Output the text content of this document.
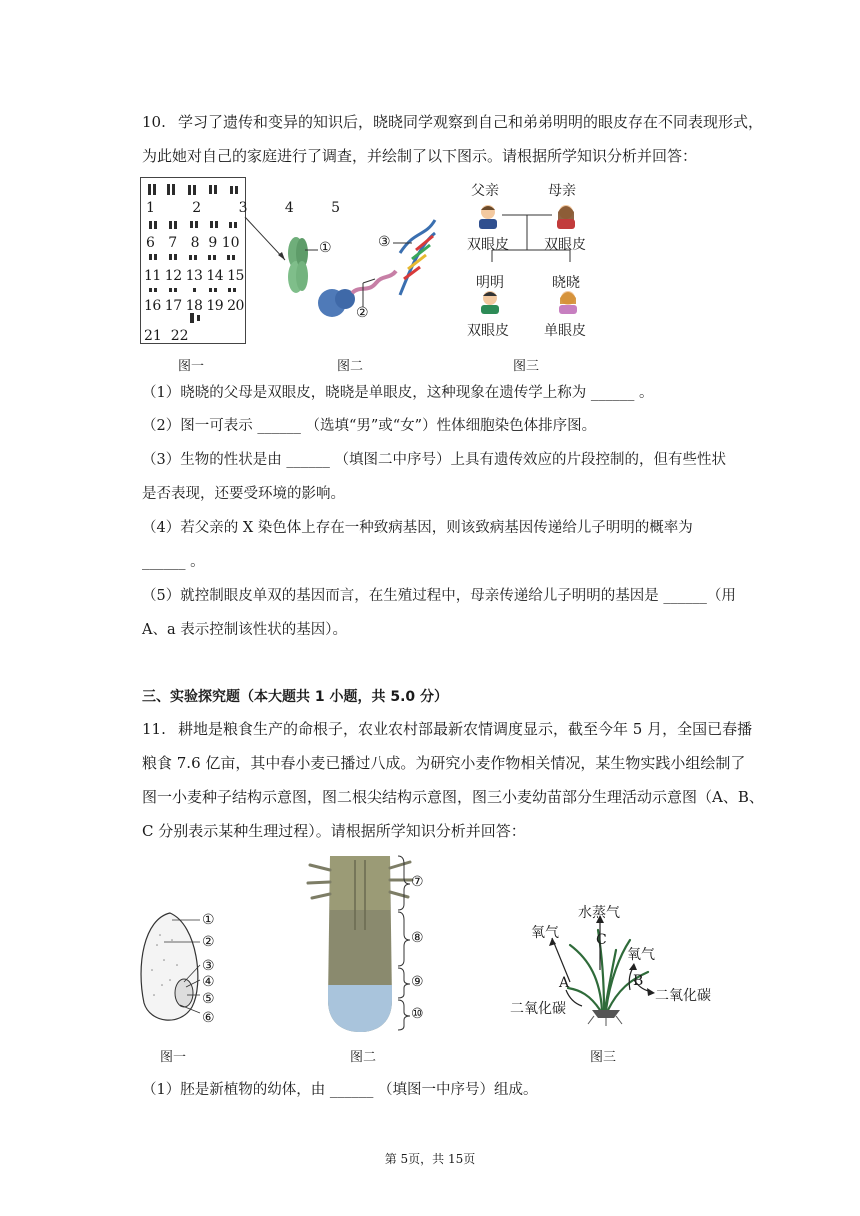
10. 学习了遗传和变异的知识后，晓晓同学观察到自己和弟弟明明的眼皮存在不同表现形式，
为此她对自己的家庭进行了调查，并绘制了以下图示。请根据所学知识分析并回答：
1	2	3	4	5
6 7 8 9 10
11 12 13 14 15
16 17 18 19 20
21 22
图一
①
②
③
图二
父亲	母亲
双眼皮	双眼皮
明明	晓晓
双眼皮	单眼皮
图三
（1）晓晓的父母是双眼皮，晓晓是单眼皮，这种现象在遗传学上称为 ______ 。
（2）图一可表示 ______ （选填“男”或“女”）性体细胞染色体排序图。
（3）生物的性状是由 ______ （填图二中序号）上具有遗传效应的片段控制的，但有些性状
是否表现，还要受环境的影响。
（4）若父亲的 X 染色体上存在一种致病基因，则该致病基因传递给儿子明明的概率为
______ 。
（5）就控制眼皮单双的基因而言，在生殖过程中，母亲传递给儿子明明的基因是 ______（用
A、a 表示控制该性状的基因）。
三、实验探究题（本大题共 1 小题，共 5.0 分）
11. 耕地是粮食生产的命根子，农业农村部最新农情调度显示，截至今年 5 月，全国已春播
粮食 7.6 亿亩，其中春小麦已播过八成。为研究小麦作物相关情况，某生物实践小组绘制了
图一小麦种子结构示意图，图二根尖结构示意图，图三小麦幼苗部分生理活动示意图（A、B、
C 分别表示某种生理过程）。请根据所学知识分析并回答：
①
②
③
④
⑤
⑥
图一
⑦
⑧
⑨
⑩
图二
水蒸气
氧气
氧气
C
A	B
二氧化碳
二氧化碳
图三
（1）胚是新植物的幼体，由 ______ （填图一中序号）组成。
第 5页，共 15页
